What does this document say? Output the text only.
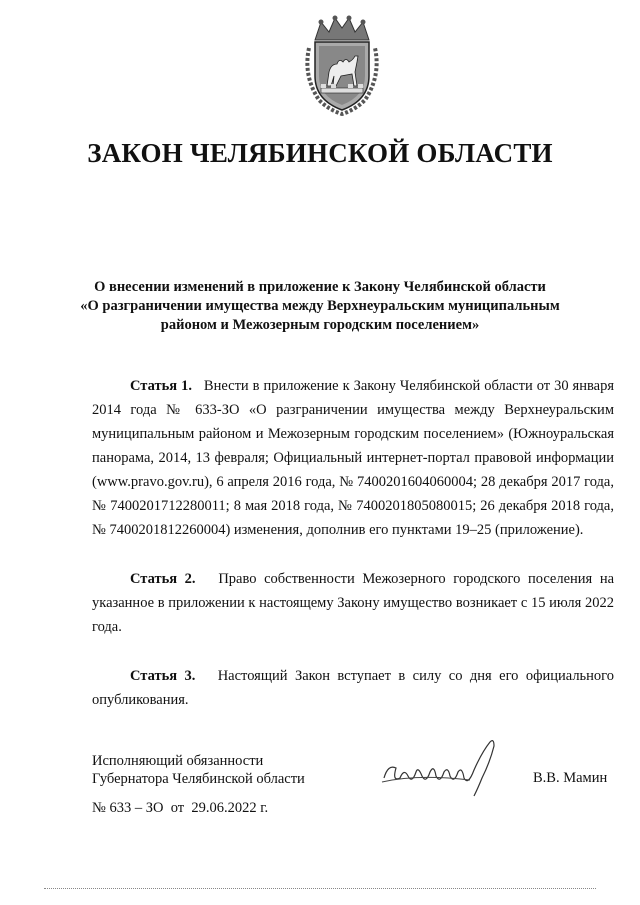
ЗАКОН ЧЕЛЯБИНСКОЙ ОБЛАСТИ
О внесении изменений в приложение к Закону Челябинской области
«О разграничении имущества между Верхнеуральским муниципальным
районом и Межозерным городским поселением»

Статья 1. Внести в приложение к Закону Челябинской области от 30 января 2014 года № 633-ЗО «О разграничении имущества между Верхнеуральским муниципальным районом и Межозерным городским поселением» (Южноуральская панорама, 2014, 13 февраля; Официальный интернет-портал правовой информации (www.pravo.gov.ru), 6 апреля 2016 года, № 7400201604060004; 28 декабря 2017 года, № 7400201712280011; 8 мая 2018 года, № 7400201805080015; 26 декабря 2018 года, № 7400201812260004) изменения, дополнив его пунктами 19–25 (приложение).

Статья 2. Право собственности Межозерного городского поселения на указанное в приложении к настоящему Закону имущество возникает с 15 июля 2022 года.

Статья 3. Настоящий Закон вступает в силу со дня его официального опубликования.

Исполняющий обязанности
Губернатора Челябинской области	В.В. Мамин
№ 633 – ЗО  от  29.06.2022 г.
